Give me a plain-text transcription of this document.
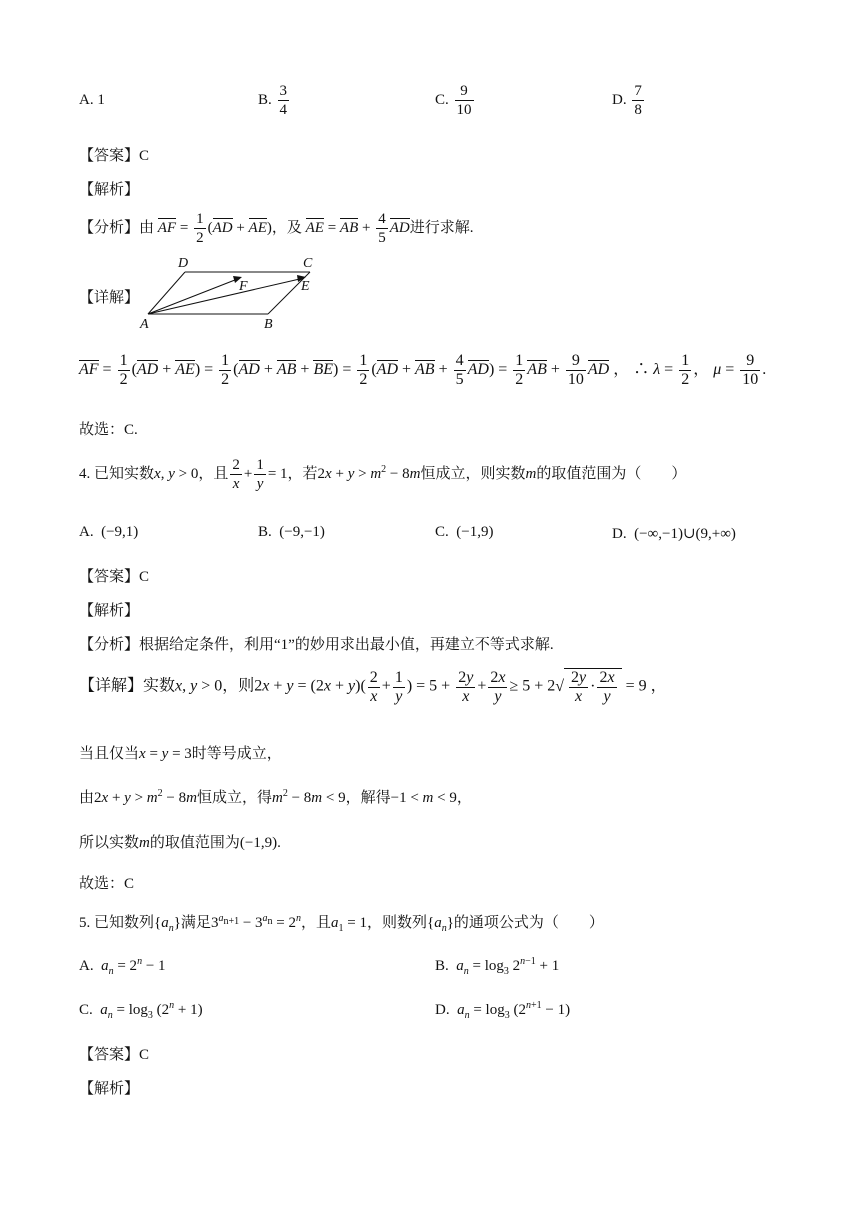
A. 1	B. $\frac{3}{4}$	C. $\frac{9}{10}$	D. $\frac{7}{8}$
【答案】C
【解析】
【分析】由 AF = $\frac{1}{2} (AD + AE)$，及 AE = AB + $\frac{4}{5}$ AD进行求解.
【详解】
A	B
C
D
E
F
AF = $\frac{1}{2} (AD + AE) = \frac{1}{2} (AD$ + AB + $BE) = \frac{1}{2} (AD$ + AB + $\frac{4}{5} AD) = \frac{1}{2}$ AB + $\frac{9}{10}$ AD ， ∴ $\lambda = \frac{1}{2}$ ， $\mu = \frac{9}{10}$ .
故选：C.
4. 已知实数x, y > 0，且 $\frac{2}{x} + \frac{1}{y} = 1$，若$2x + y > m^2 - 8m$恒成立，则实数m的取值范围为（　　）
A. (−9,1)	B. (−9,−1)	C. (−1,9)	D. (−∞,−1)∪(9,+∞)
【答案】C
【解析】
【分析】根据给定条件，利用“1”的妙用求出最小值，再建立不等式求解.
【详解】实数x, y > 0，则$2x + y = (2x + y)( \frac{2}{x} + \frac{1}{y}$ ) = $5 + \frac{2y}{x} + \frac{2x}{y} \ge 5 + 2√ \frac{2y}{x} \cdot \frac{2x}{y} = 9$ ，
当且仅当x = y = 3时等号成立，
由$2x + y > m^2 - 8m$恒成立，得$m^2 - 8m < 9$，解得−1 < m < 9，
所以实数m的取值范围为(−1,9).
故选：C
5. 已知数列$\{a_n\}$满足$3^{a_{n+1}} - 3^{a_n} = 2^n$，且$a_1 = 1$，则数列$\{a_n\}$的通项公式为（　　）
A. $a_n = 2^n - 1$	B. $a_n = \log_3 2^{n-1} + 1$
C. $a_n = \log_3 (2^n + 1)$	D. $a_n = \log_3 (2^{n+1} - 1)$
【答案】C
【解析】
